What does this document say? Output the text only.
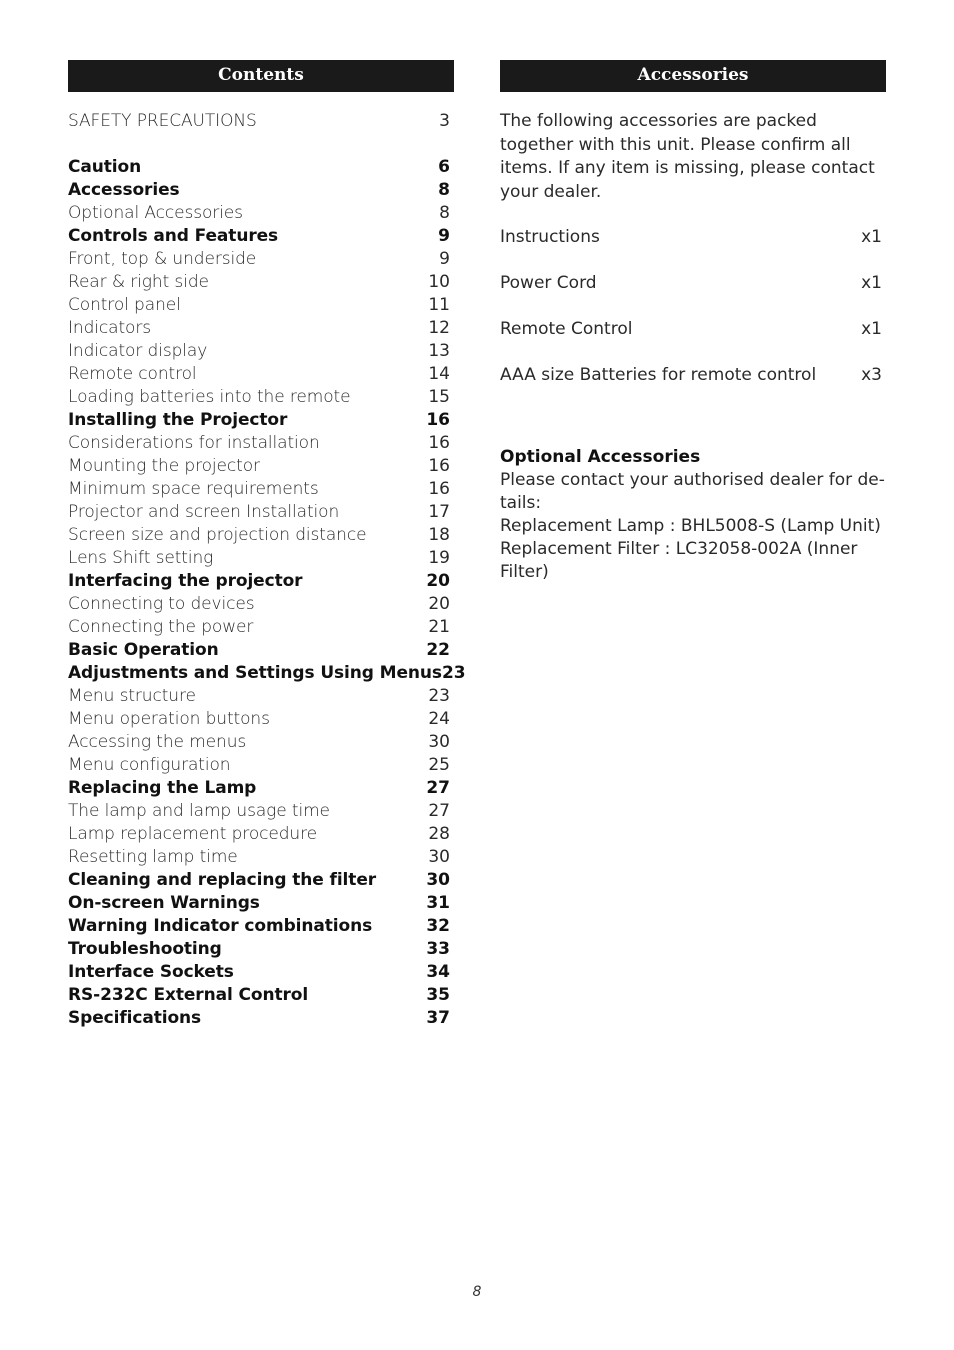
Contents
SAFETY PRECAUTIONS	3
Caution	6
Accessories	8
Optional Accessories	8
Controls and Features	9
Front, top & underside	9
Rear & right side	10
Control panel	11
Indicators	12
Indicator display	13
Remote control	14
Loading batteries into the remote	15
Installing the Projector	16
Considerations for installation	16
Mounting the projector	16
Minimum space requirements	16
Projector and screen Installation	17
Screen size and projection distance	18
Lens Shift setting	19
Interfacing the projector	20
Connecting to devices	20
Connecting the power	21
Basic Operation	22
Adjustments and Settings Using Menus 23
Menu structure	23
Menu operation buttons	24
Accessing the menus	30
Menu configuration	25
Replacing the Lamp	27
The lamp and lamp usage time	27
Lamp replacement procedure	28
Resetting lamp time	30
Cleaning and replacing the filter	30
On-screen Warnings	31
Warning Indicator combinations	32
Troubleshooting	33
Interface Sockets	34
RS-232C External Control	35
Specifications	37
Accessories
The following accessories are packed together with this unit. Please confirm all items. If any item is missing, please contact your dealer.
Instructions	x1
Power Cord	x1
Remote Control	x1
AAA size Batteries for remote control	x3
Optional Accessories
Please contact your authorised dealer for de-
tails:
Replacement Lamp : BHL5008-S (Lamp Unit)
Replacement Filter : LC32058-002A (Inner
Filter)
8
